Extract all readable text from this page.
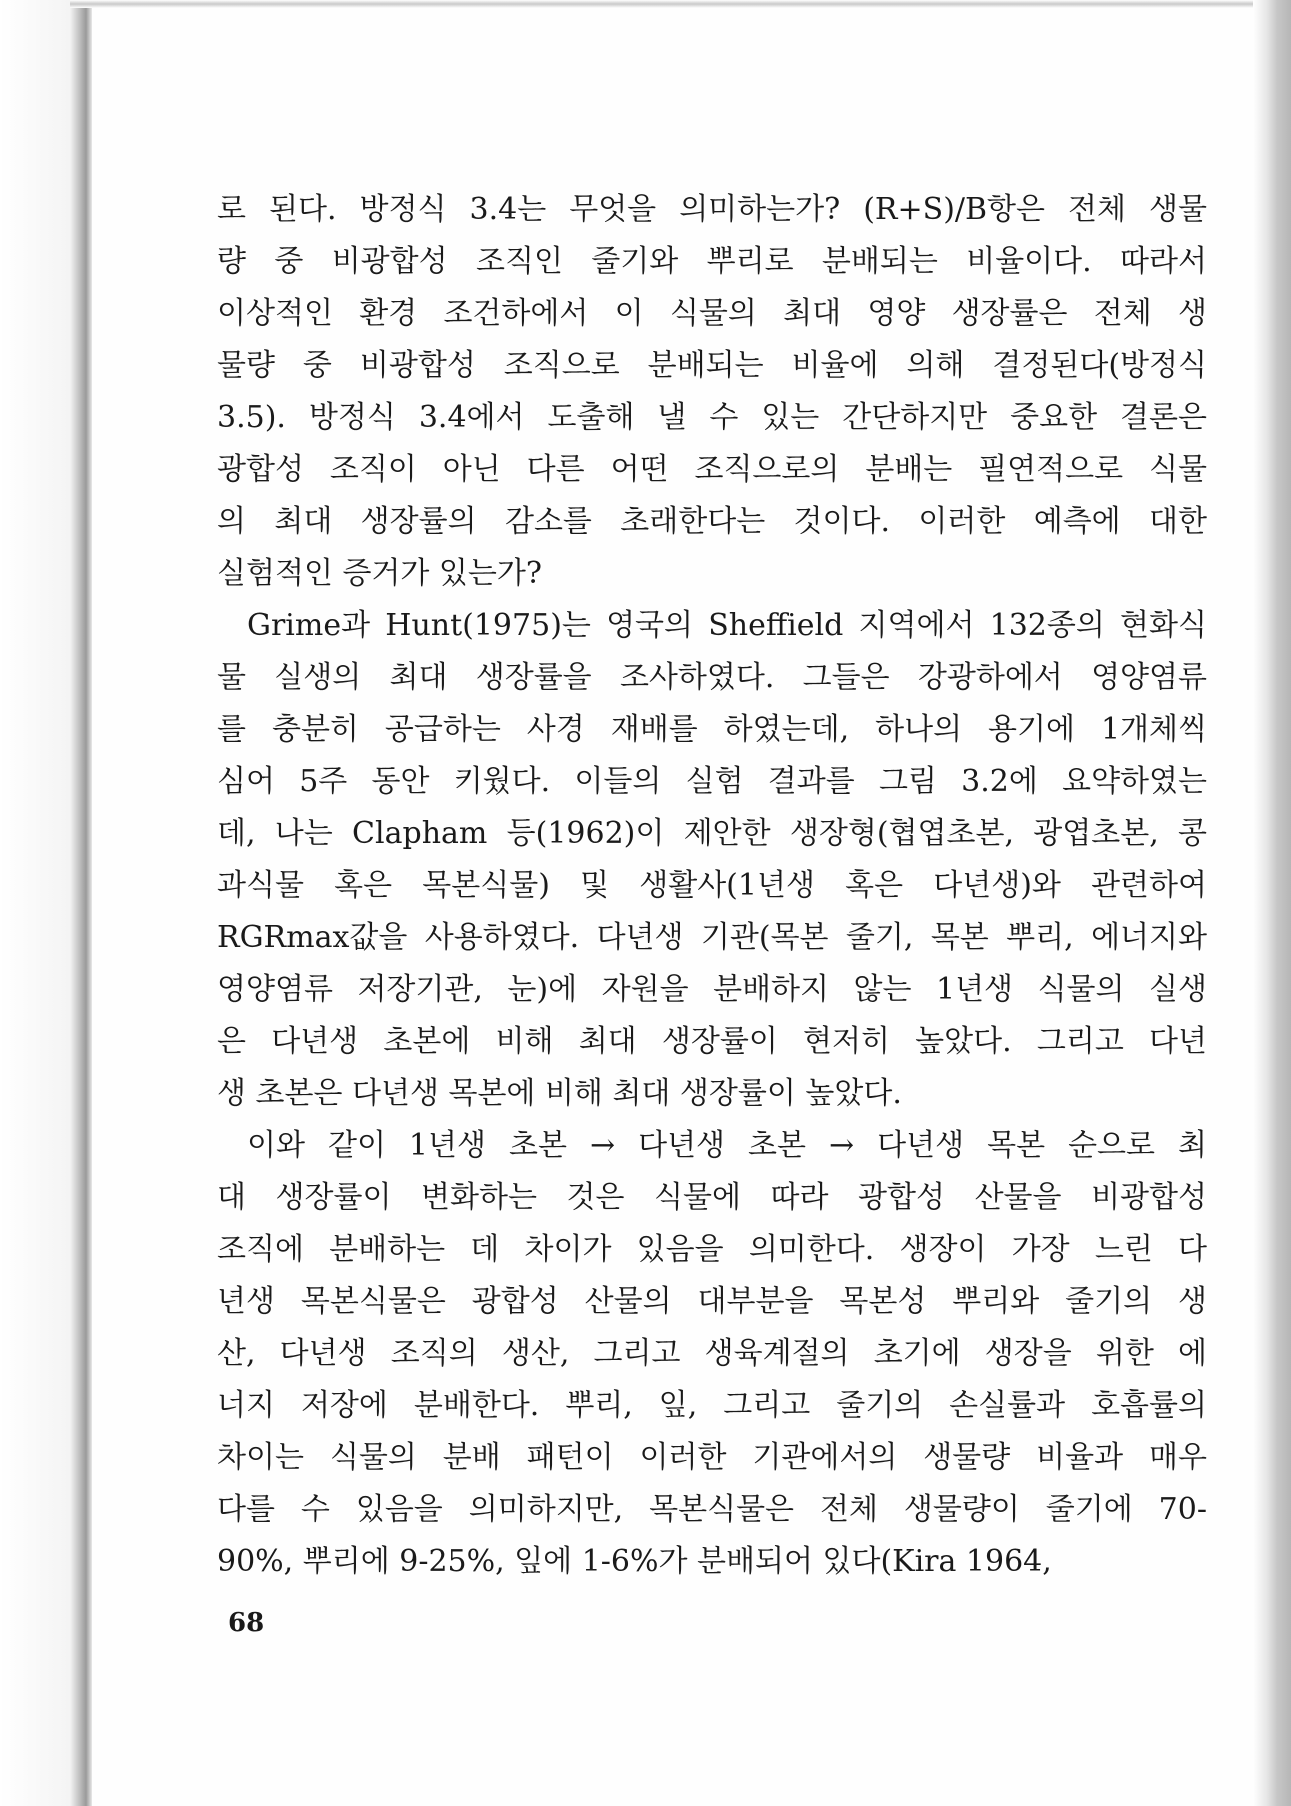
로 된다. 방정식 3.4는 무엇을 의미하는가? (R+S)/B항은 전체 생물
량 중 비광합성 조직인 줄기와 뿌리로 분배되는 비율이다. 따라서
이상적인 환경 조건하에서 이 식물의 최대 영양 생장률은 전체 생
물량 중 비광합성 조직으로 분배되는 비율에 의해 결정된다(방정식
3.5). 방정식 3.4에서 도출해 낼 수 있는 간단하지만 중요한 결론은
광합성 조직이 아닌 다른 어떤 조직으로의 분배는 필연적으로 식물
의 최대 생장률의 감소를 초래한다는 것이다. 이러한 예측에 대한
실험적인 증거가 있는가?
Grime과 Hunt(1975)는 영국의 Sheffield 지역에서 132종의 현화식
물 실생의 최대 생장률을 조사하였다. 그들은 강광하에서 영양염류
를 충분히 공급하는 사경 재배를 하였는데, 하나의 용기에 1개체씩
심어 5주 동안 키웠다. 이들의 실험 결과를 그림 3.2에 요약하였는
데, 나는 Clapham 등(1962)이 제안한 생장형(협엽초본, 광엽초본, 콩
과식물 혹은 목본식물) 및 생활사(1년생 혹은 다년생)와 관련하여
RGRmax값을 사용하였다. 다년생 기관(목본 줄기, 목본 뿌리, 에너지와
영양염류 저장기관, 눈)에 자원을 분배하지 않는 1년생 식물의 실생
은 다년생 초본에 비해 최대 생장률이 현저히 높았다. 그리고 다년
생 초본은 다년생 목본에 비해 최대 생장률이 높았다.
이와 같이 1년생 초본 → 다년생 초본 → 다년생 목본 순으로 최
대 생장률이 변화하는 것은 식물에 따라 광합성 산물을 비광합성
조직에 분배하는 데 차이가 있음을 의미한다. 생장이 가장 느린 다
년생 목본식물은 광합성 산물의 대부분을 목본성 뿌리와 줄기의 생
산, 다년생 조직의 생산, 그리고 생육계절의 초기에 생장을 위한 에
너지 저장에 분배한다. 뿌리, 잎, 그리고 줄기의 손실률과 호흡률의
차이는 식물의 분배 패턴이 이러한 기관에서의 생물량 비율과 매우
다를 수 있음을 의미하지만, 목본식물은 전체 생물량이 줄기에 70-
90%, 뿌리에 9-25%, 잎에 1-6%가 분배되어 있다(Kira 1964,
68
